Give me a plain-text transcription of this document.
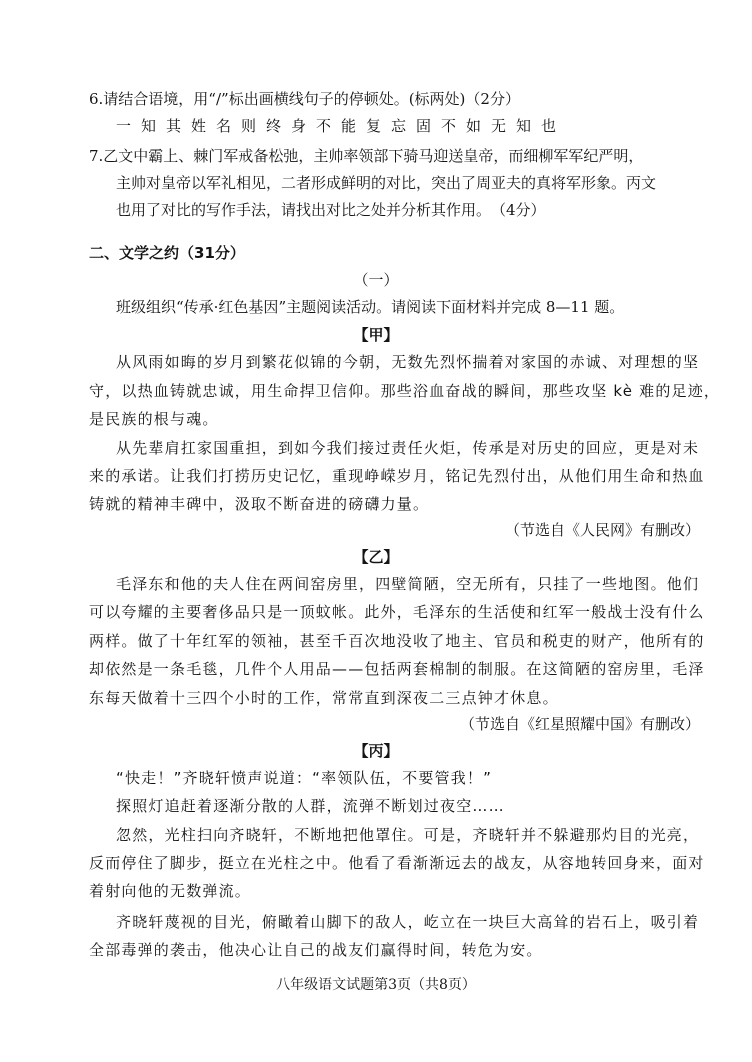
6.请结合语境，用“/”标出画横线句子的停顿处。(标两处)（2分）
一知其姓名则终身不能复忘固不如无知也
7.乙文中霸上、棘门军戒备松弛，主帅率领部下骑马迎送皇帝，而细柳军军纪严明，
主帅对皇帝以军礼相见，二者形成鲜明的对比，突出了周亚夫的真将军形象。丙文
也用了对比的写作手法，请找出对比之处并分析其作用。　（4分）
二、文学之约（31分）
（一）
班级组织“传承·红色基因”主题阅读活动。请阅读下面材料并完成 8—11 题。
【甲】
从风雨如晦的岁月到繁花似锦的今朝，无数先烈怀揣着对家国的赤诚、对理想的坚
守，以热血铸就忠诚，用生命捍卫信仰。那些浴血奋战的瞬间，那些攻坚 kè 难的足迹，
是民族的根与魂。
从先辈肩扛家国重担，到如今我们接过责任火炬，传承是对历史的回应，更是对未
来的承诺。让我们打捞历史记忆，重现峥嵘岁月，铭记先烈付出，从他们用生命和热血
铸就的精神丰碑中，汲取不断奋进的磅礴力量。
（节选自《人民网》有删改）
【乙】
毛泽东和他的夫人住在两间窑房里，四壁简陋，空无所有，只挂了一些地图。他们
可以夸耀的主要奢侈品只是一顶蚊帐。此外，毛泽东的生活使和红军一般战士没有什么
两样。做了十年红军的领袖，甚至千百次地没收了地主、官员和税吏的财产，他所有的
却依然是一条毛毯，几件个人用品——包括两套棉制的制服。在这简陋的窑房里，毛泽
东每天做着十三四个小时的工作，常常直到深夜二三点钟才休息。
（节选自《红星照耀中国》有删改）
【丙】
“快走！”齐晓轩愤声说道：“率领队伍，不要管我！”
探照灯追赶着逐渐分散的人群，流弹不断划过夜空……
忽然，光柱扫向齐晓轩，不断地把他罩住。可是，齐晓轩并不躲避那灼目的光亮，
反而停住了脚步，挺立在光柱之中。他看了看渐渐远去的战友，从容地转回身来，面对
着射向他的无数弹流。
齐晓轩蔑视的目光，俯瞰着山脚下的敌人，屹立在一块巨大高耸的岩石上，吸引着
全部毒弹的袭击，他决心让自己的战友们赢得时间，转危为安。
八年级语文试题第3页（共8页）
